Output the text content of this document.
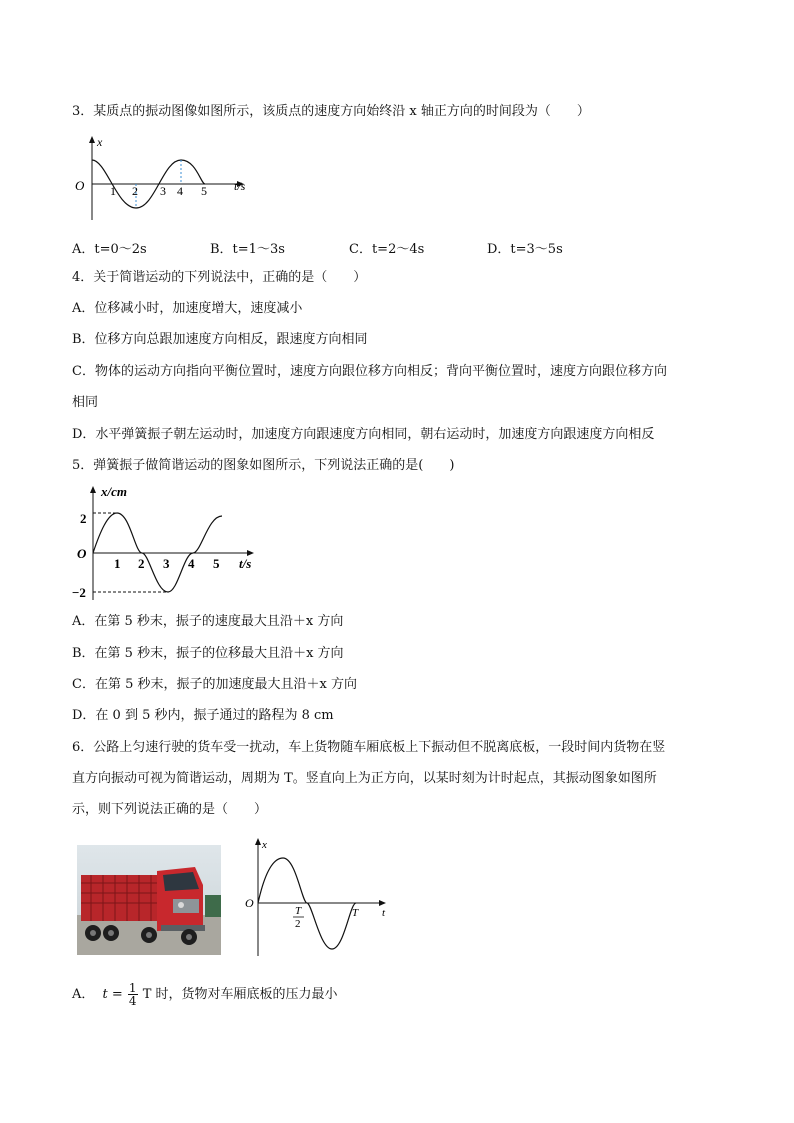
3．某质点的振动图像如图所示，该质点的速度方向始终沿 x 轴正方向的时间段为（　　）
x
O 1 2 3 4 5 t/s
A．t=0～2s	B．t=1～3s	C．t=2～4s	D．t=3～5s
4．关于简谐运动的下列说法中，正确的是（　　）
A．位移减小时，加速度增大，速度减小
B．位移方向总跟加速度方向相反，跟速度方向相同
C．物体的运动方向指向平衡位置时，速度方向跟位移方向相反；背向平衡位置时，速度方向跟位移方向
相同
D．水平弹簧振子朝左运动时，加速度方向跟速度方向相同，朝右运动时，加速度方向跟速度方向相反
5．弹簧振子做简谐运动的图象如图所示，下列说法正确的是(　　)
x/cm
2
O
−2
1 2 3 4 5 t/s
A．在第 5 秒末，振子的速度最大且沿＋x 方向
B．在第 5 秒末，振子的位移最大且沿＋x 方向
C．在第 5 秒末，振子的加速度最大且沿＋x 方向
D．在 0 到 5 秒内，振子通过的路程为 8 cm
6．公路上匀速行驶的货车受一扰动，车上货物随车厢底板上下振动但不脱离底板，一段时间内货物在竖
直方向振动可视为简谐运动，周期为 T。竖直向上为正方向，以某时刻为计时起点，其振动图象如图所
示，则下列说法正确的是（　　）
x
O
T
2
T t
A． $t = \frac{1}{4}$ T 时，货物对车厢底板的压力最小
